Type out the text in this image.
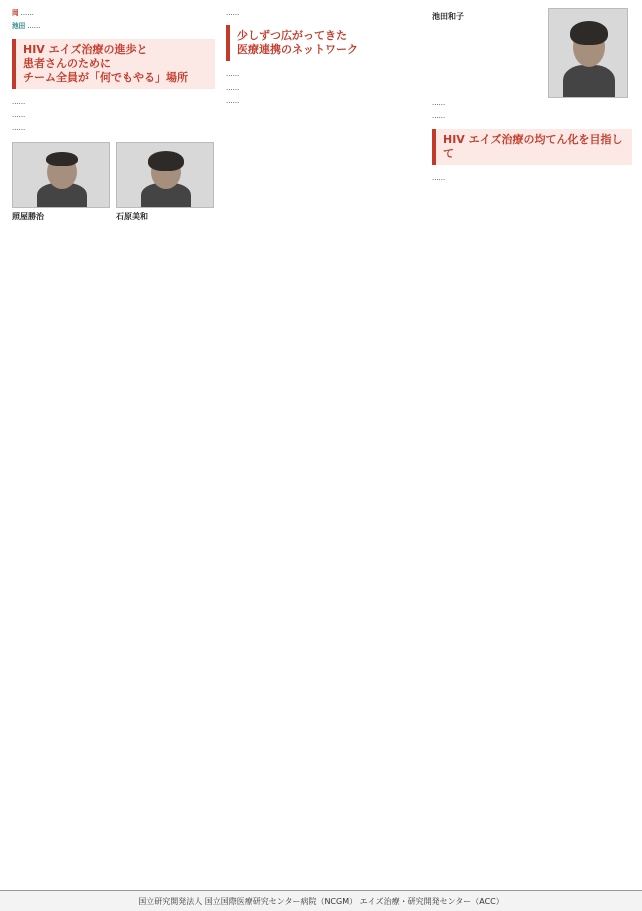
岡 ……

池田 ……

HIV エイズ治療の進歩と
患者さんのために
チーム全員が「何でもやる」場所

……

……

……

照屋勝治	石原美和

……

少しずつ広がってきた
医療連携のネットワーク

……

……

……

池田和子

……

……

HIV エイズ治療の均てん化を目指して

……

国立研究開発法人 国立国際医療研究センター病院（NCGM） エイズ治療・研究開発センター（ACC）
